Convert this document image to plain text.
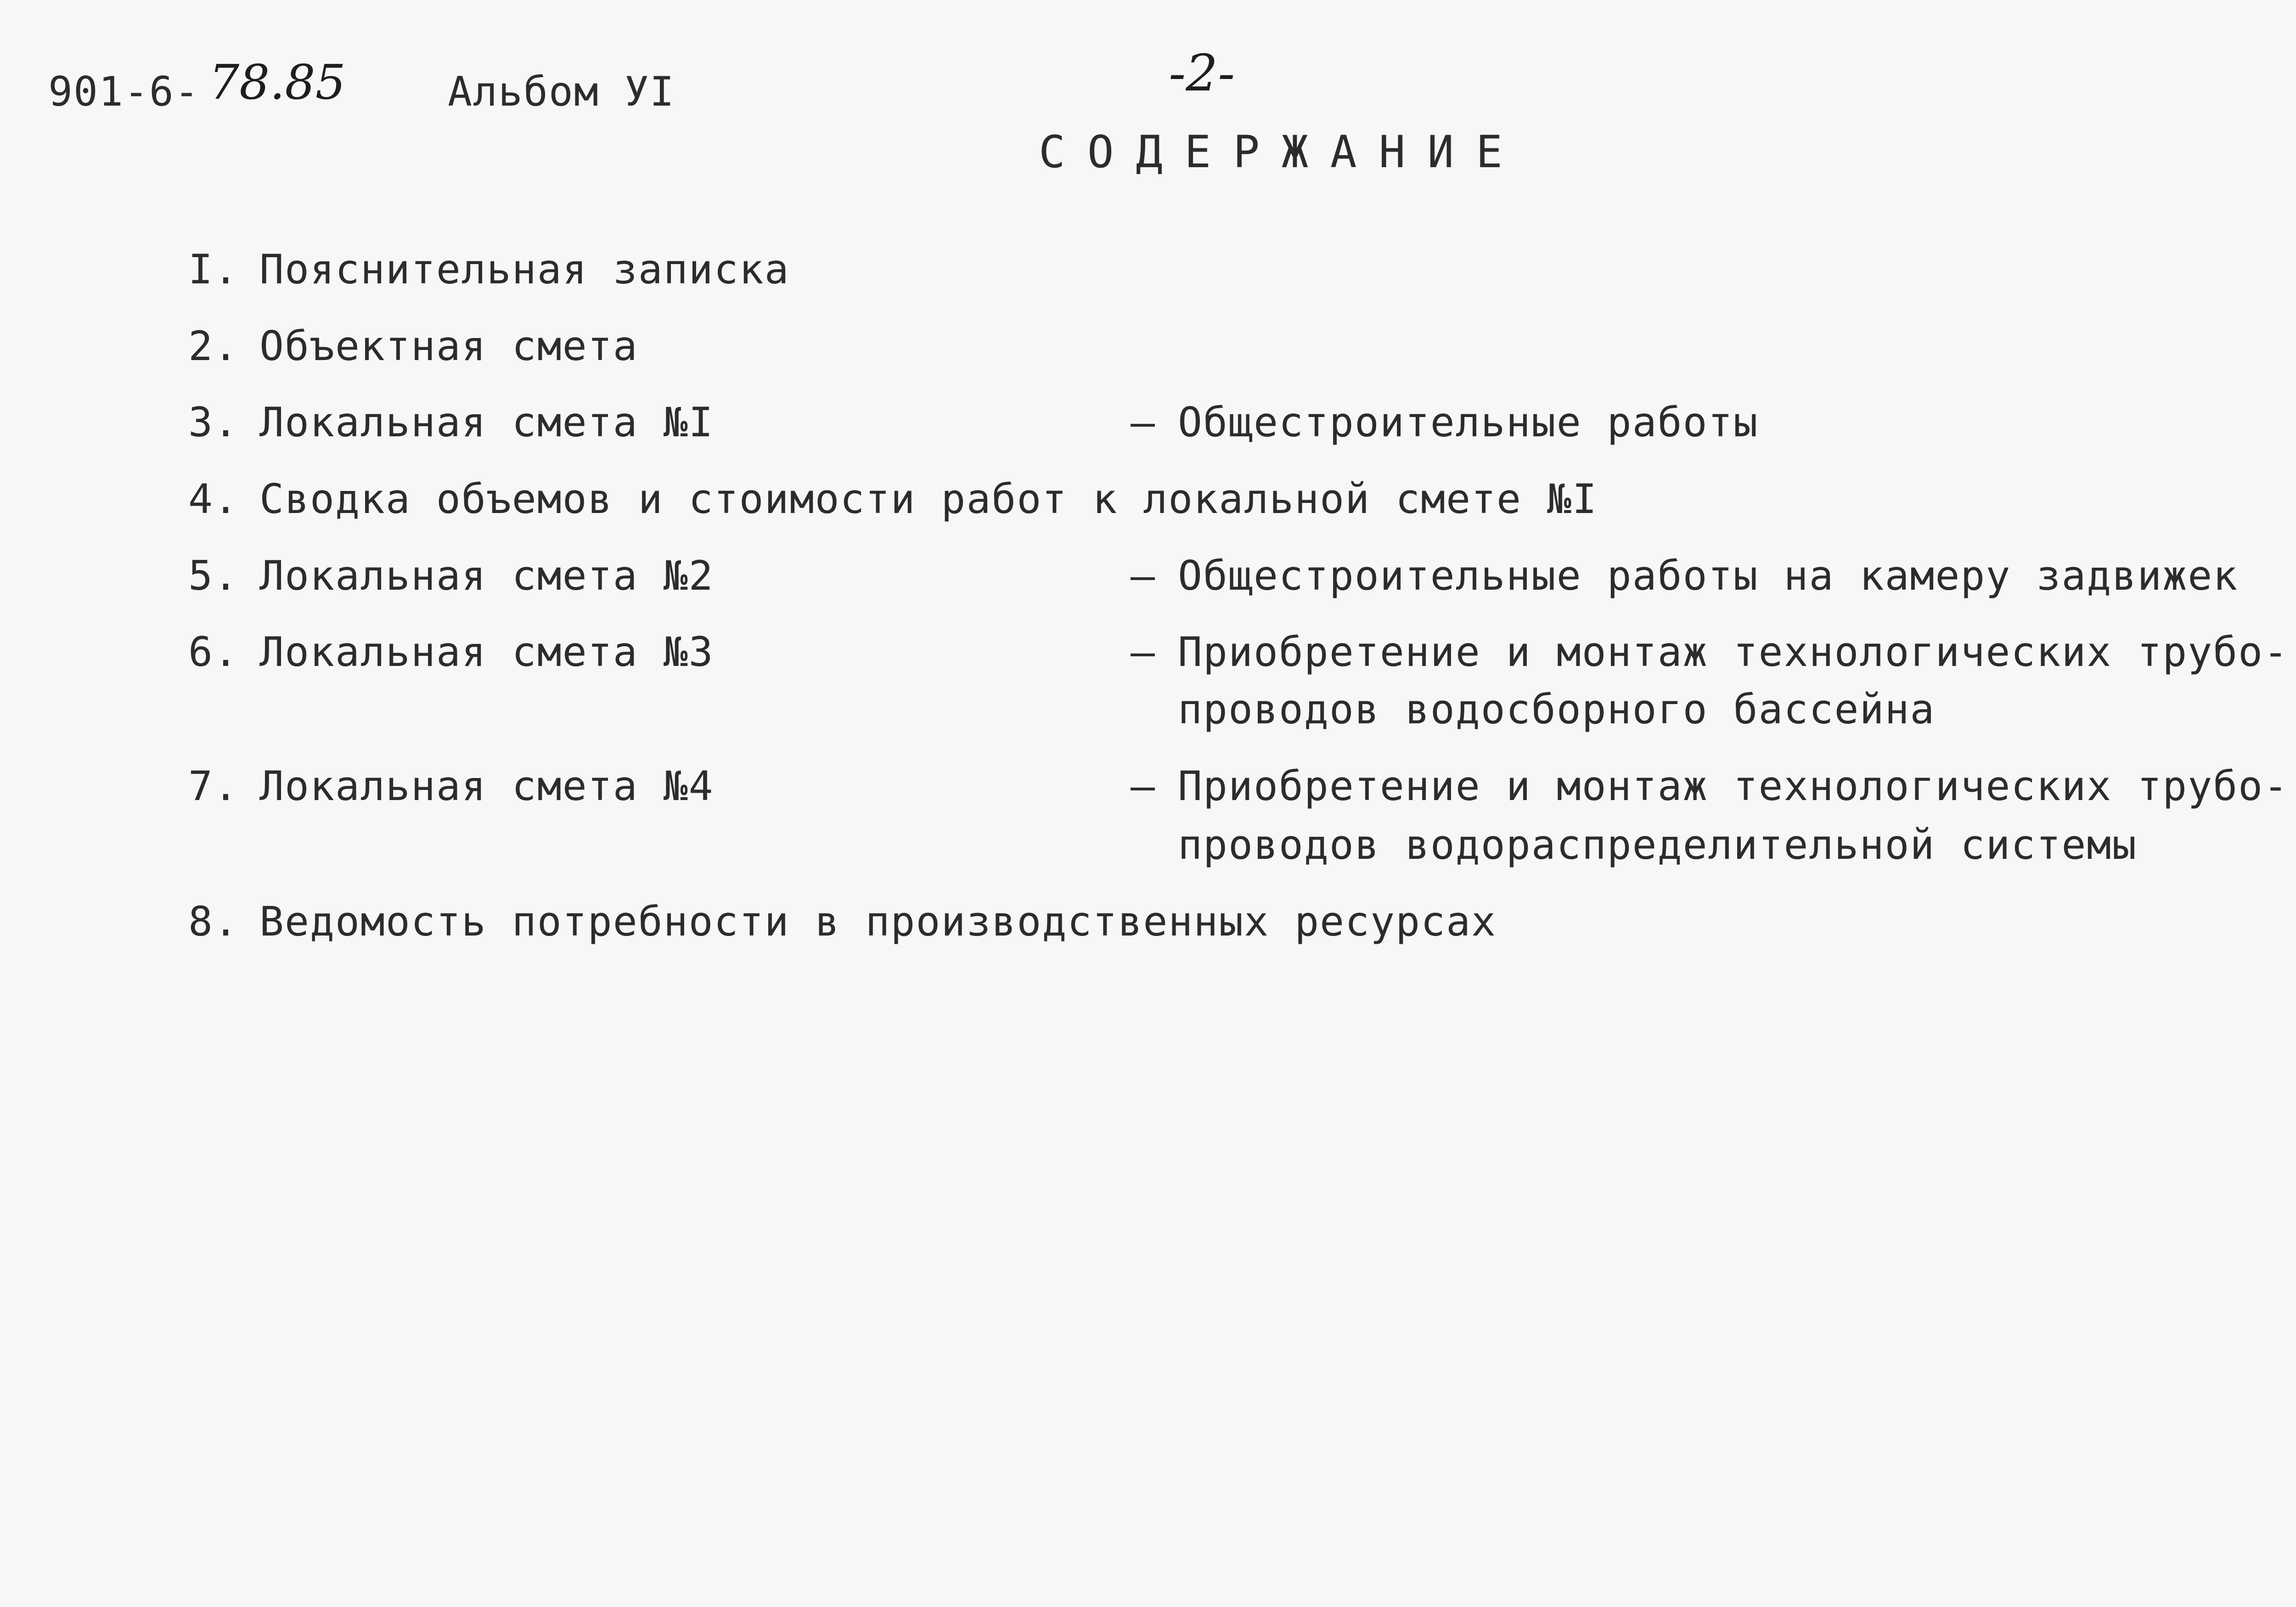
901-6- 78.85	Альбом УI	-2-
СОДЕРЖАНИЕ
I. Пояснительная записка
2. Объектная смета
3. Локальная смета №I	– Общестроительные работы
4. Сводка объемов и стоимости работ к локальной смете №I
5. Локальная смета №2	– Общестроительные работы на камеру задвижек
6. Локальная смета №3	– Приобретение и монтаж технологических трубо-
проводов водосборного бассейна
7. Локальная смета №4	– Приобретение и монтаж технологических трубо-
проводов водораспределительной системы
8. Ведомость потребности в производственных ресурсах
